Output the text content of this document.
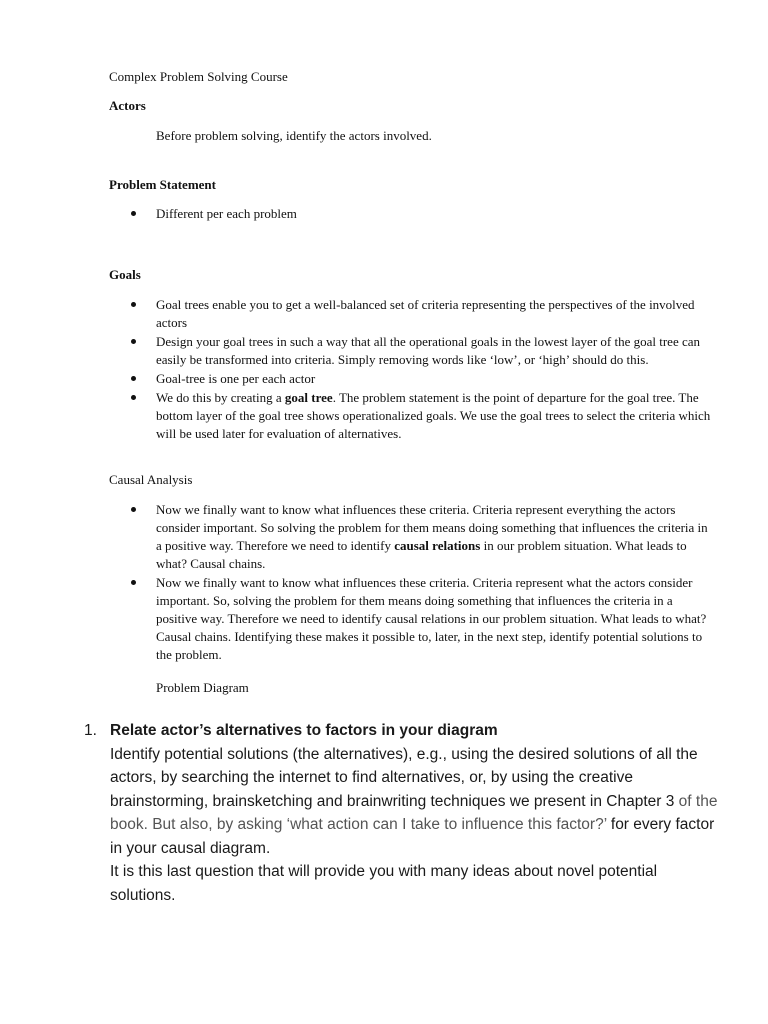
Complex Problem Solving Course
Actors
Before problem solving, identify the actors involved.
Problem Statement
Different per each problem
Goals
Goal trees enable you to get a well-balanced set of criteria representing the perspectives of the involved actors
Design your goal trees in such a way that all the operational goals in the lowest layer of the goal tree can easily be transformed into criteria. Simply removing words like ‘low’, or ‘high’ should do this.
Goal-tree is one per each actor
We do this by creating a goal tree. The problem statement is the point of departure for the goal tree. The bottom layer of the goal tree shows operationalized goals. We use the goal trees to select the criteria which will be used later for evaluation of alternatives.
Causal Analysis
Now we finally want to know what influences these criteria. Criteria represent everything the actors consider important. So solving the problem for them means doing something that influences the criteria in a positive way. Therefore we need to identify causal relations in our problem situation. What leads to what? Causal chains.
Now we finally want to know what influences these criteria. Criteria represent what the actors consider important. So, solving the problem for them means doing something that influences the criteria in a positive way. Therefore we need to identify causal relations in our problem situation. What leads to what? Causal chains. Identifying these makes it possible to, later, in the next step, identify potential solutions to the problem.
Problem Diagram
1. Relate actor’s alternatives to factors in your diagram
Identify potential solutions (the alternatives), e.g., using the desired solutions of all the actors, by searching the internet to find alternatives, or, by using the creative brainstorming, brainsketching and brainwriting techniques we present in Chapter 3 of the book. But also, by asking ‘what action can I take to influence this factor?’ for every factor in your causal diagram.
It is this last question that will provide you with many ideas about novel potential solutions.
